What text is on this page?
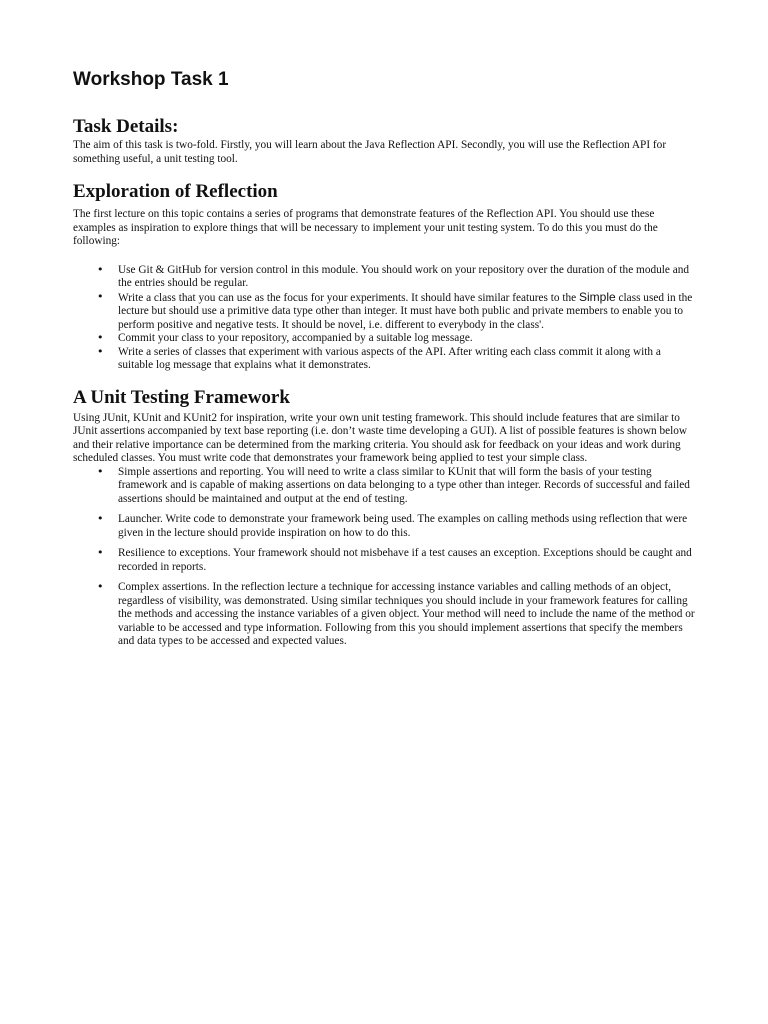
Workshop Task 1
Task Details:

The aim of this task is two-fold. Firstly, you will learn about the Java Reflection API. Secondly, you will use the Reflection API for something useful, a unit testing tool.

Exploration of Reflection

The first lecture on this topic contains a series of programs that demonstrate features of the Reflection API. You should use these examples as inspiration to explore things that will be necessary to implement your unit testing system. To do this you must do the following:

• Use Git & GitHub for version control in this module. You should work on your repository over the duration of the module and the entries should be regular.
• Write a class that you can use as the focus for your experiments. It should have similar features to the Simple class used in the lecture but should use a primitive data type other than integer. It must have both public and private members to enable you to perform positive and negative tests. It should be novel, i.e. different to everybody in the class'.
• Commit your class to your repository, accompanied by a suitable log message.
• Write a series of classes that experiment with various aspects of the API. After writing each class commit it along with a suitable log message that explains what it demonstrates.
A Unit Testing Framework

Using JUnit, KUnit and KUnit2 for inspiration, write your own unit testing framework. This should include features that are similar to JUnit assertions accompanied by text base reporting (i.e. don’t waste time developing a GUI). A list of possible features is shown below and their relative importance can be determined from the marking criteria. You should ask for feedback on your ideas and work during scheduled classes. You must write code that demonstrates your framework being applied to test your simple class.

• Simple assertions and reporting. You will need to write a class similar to KUnit that will form the basis of your testing framework and is capable of making assertions on data belonging to a type other than integer. Records of successful and failed assertions should be maintained and output at the end of testing.
• Launcher. Write code to demonstrate your framework being used. The examples on calling methods using reflection that were given in the lecture should provide inspiration on how to do this.
• Resilience to exceptions. Your framework should not misbehave if a test causes an exception. Exceptions should be caught and recorded in reports.
• Complex assertions. In the reflection lecture a technique for accessing instance variables and calling methods of an object, regardless of visibility, was demonstrated. Using similar techniques you should include in your framework features for calling the methods and accessing the instance variables of a given object. Your method will need to include the name of the method or variable to be accessed and type information. Following from this you should implement assertions that specify the members and data types to be accessed and expected values.
